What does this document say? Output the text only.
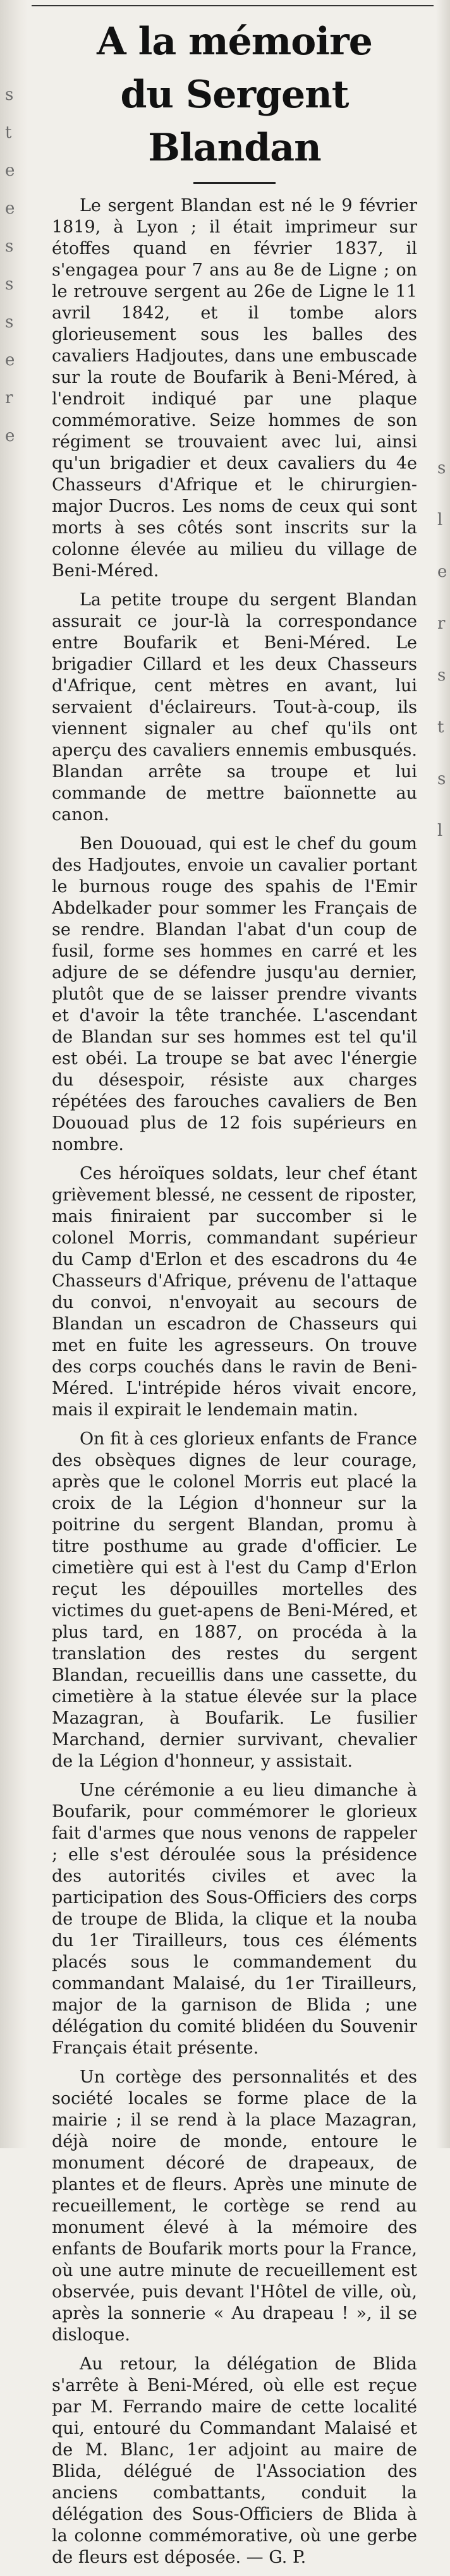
s
t
e
e
s
s
s
e
r
e
s
l
e
r
s
t
s
l
A la mémoire
du Sergent Blandan

Le sergent Blandan est né le 9 février 1819, à Lyon ; il était imprimeur sur étoffes quand en février 1837, il s'engagea pour 7 ans au 8e de Ligne ; on le retrouve sergent au 26e de Ligne le 11 avril 1842, et il tombe alors glorieusement sous les balles des cavaliers Hadjoutes, dans une embuscade sur la route de Boufarik à Beni-Méred, à l'endroit indiqué par une plaque commémorative. Seize hommes de son régiment se trouvaient avec lui, ainsi qu'un brigadier et deux cavaliers du 4e Chasseurs d'Afrique et le chirurgien-major Ducros. Les noms de ceux qui sont morts à ses côtés sont inscrits sur la colonne élevée au milieu du village de Beni-Méred.

La petite troupe du sergent Blandan assurait ce jour-là la correspondance entre Boufarik et Beni-Méred. Le brigadier Cillard et les deux Chasseurs d'Afrique, cent mètres en avant, lui servaient d'éclaireurs. Tout-à-coup, ils viennent signaler au chef qu'ils ont aperçu des cavaliers ennemis embusqués. Blandan arrête sa troupe et lui commande de mettre baïonnette au canon.

Ben Dououad, qui est le chef du goum des Hadjoutes, envoie un cavalier portant le burnous rouge des spahis de l'Emir Abdelkader pour sommer les Français de se rendre. Blandan l'abat d'un coup de fusil, forme ses hommes en carré et les adjure de se défendre jusqu'au dernier, plutôt que de se laisser prendre vivants et d'avoir la tête tranchée. L'ascendant de Blandan sur ses hommes est tel qu'il est obéi. La troupe se bat avec l'énergie du désespoir, résiste aux charges répétées des farouches cavaliers de Ben Dououad plus de 12 fois supérieurs en nombre.

Ces héroïques soldats, leur chef étant grièvement blessé, ne cessent de riposter, mais finiraient par succomber si le colonel Morris, commandant supérieur du Camp d'Erlon et des escadrons du 4e Chasseurs d'Afrique, prévenu de l'attaque du convoi, n'envoyait au secours de Blandan un escadron de Chasseurs qui met en fuite les agresseurs. On trouve des corps couchés dans le ravin de Beni-Méred. L'intrépide héros vivait encore, mais il expirait le lendemain matin.

On fit à ces glorieux enfants de France des obsèques dignes de leur courage, après que le colonel Morris eut placé la croix de la Légion d'honneur sur la poitrine du sergent Blandan, promu à titre posthume au grade d'officier. Le cimetière qui est à l'est du Camp d'Erlon reçut les dépouilles mortelles des victimes du guet-apens de Beni-Méred, et plus tard, en 1887, on procéda à la translation des restes du sergent Blandan, recueillis dans une cassette, du cimetière à la statue élevée sur la place Mazagran, à Boufarik. Le fusilier Marchand, dernier survivant, chevalier de la Légion d'honneur, y assistait.

Une cérémonie a eu lieu dimanche à Boufarik, pour commémorer le glorieux fait d'armes que nous venons de rappeler ; elle s'est déroulée sous la présidence des autorités civiles et avec la participation des Sous-Officiers des corps de troupe de Blida, la clique et la nouba du 1er Tirailleurs, tous ces éléments placés sous le commandement du commandant Malaisé, du 1er Tirailleurs, major de la garnison de Blida ; une délégation du comité blidéen du Souvenir Français était présente.

Un cortège des personnalités et des société locales se forme place de la mairie ; il se rend à la place Mazagran, déjà noire de monde, entoure le monument décoré de drapeaux, de plantes et de fleurs. Après une minute de recueillement, le cortège se rend au monument élevé à la mémoire des enfants de Boufarik morts pour la France, où une autre minute de recueillement est observée, puis devant l'Hôtel de ville, où, après la sonnerie « Au drapeau ! », il se disloque.

Au retour, la délégation de Blida s'arrête à Beni-Méred, où elle est reçue par M. Ferrando maire de cette localité qui, entouré du Commandant Malaisé et de M. Blanc, 1er adjoint au maire de Blida, délégué de l'Association des anciens combattants, conduit la délégation des Sous-Officiers de Blida à la colonne commémorative, où une gerbe de fleurs est déposée. — G. P.
